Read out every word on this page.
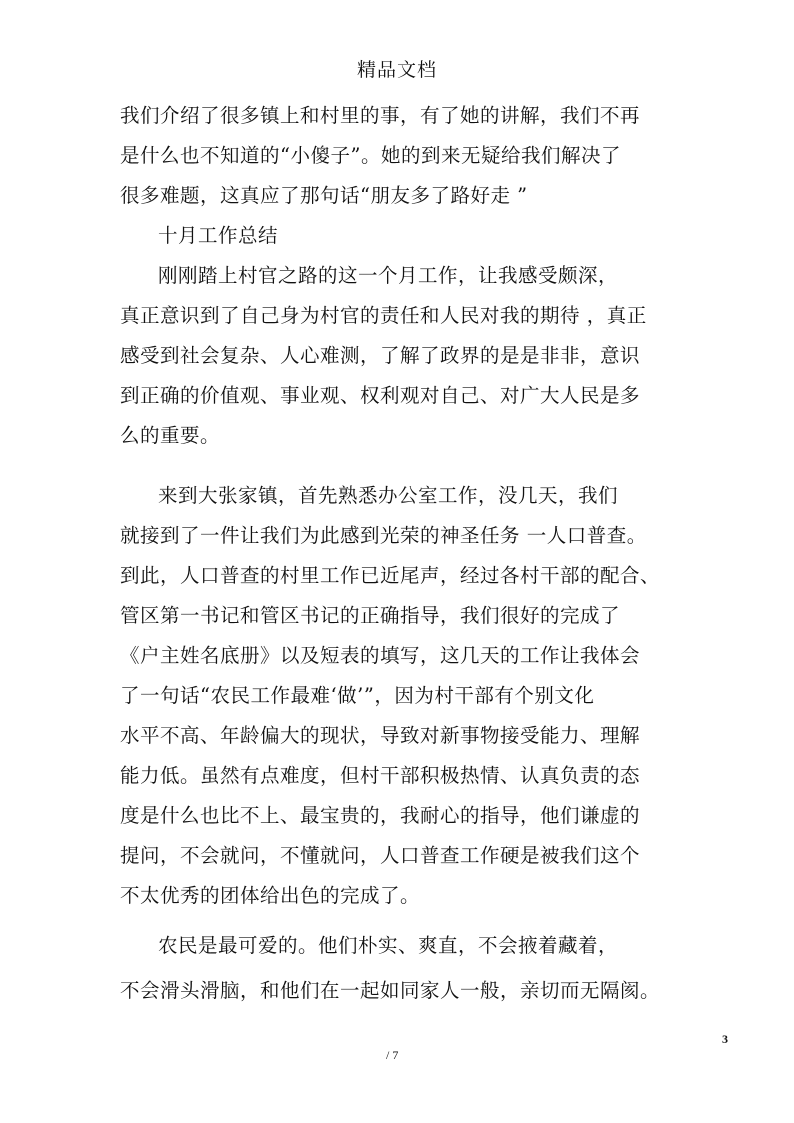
精品文档
我们介绍了很多镇上和村里的事，有了她的讲解，我们不再
是什么也不知道的“小傻子”。她的到来无疑给我们解决了
很多难题，这真应了那句话“朋友多了路好走 ”
十月工作总结
刚刚踏上村官之路的这一个月工作，让我感受颇深，
真正意识到了自己身为村官的责任和人民对我的期待 ，真正
感受到社会复杂、人心难测，了解了政界的是是非非，意识
到正确的价值观、事业观、权利观对自己、对广大人民是多
么的重要。
来到大张家镇，首先熟悉办公室工作，没几天，我们
就接到了一件让我们为此感到光荣的神圣任务 一人口普查。
到此，人口普查的村里工作已近尾声，经过各村干部的配合、
管区第一书记和管区书记的正确指导，我们很好的完成了
《户主姓名底册》以及短表的填写，这几天的工作让我体会
了一句话“农民工作最难‘做’”，因为村干部有个别文化
水平不高、年龄偏大的现状，导致对新事物接受能力、理解
能力低。虽然有点难度，但村干部积极热情、认真负责的态
度是什么也比不上、最宝贵的，我耐心的指导，他们谦虚的
提问，不会就问，不懂就问，人口普查工作硬是被我们这个
不太优秀的团体给出色的完成了。
农民是最可爱的。他们朴实、爽直，不会掖着藏着，
不会滑头滑脑，和他们在一起如同家人一般，亲切而无隔阂。
3
/ 7
